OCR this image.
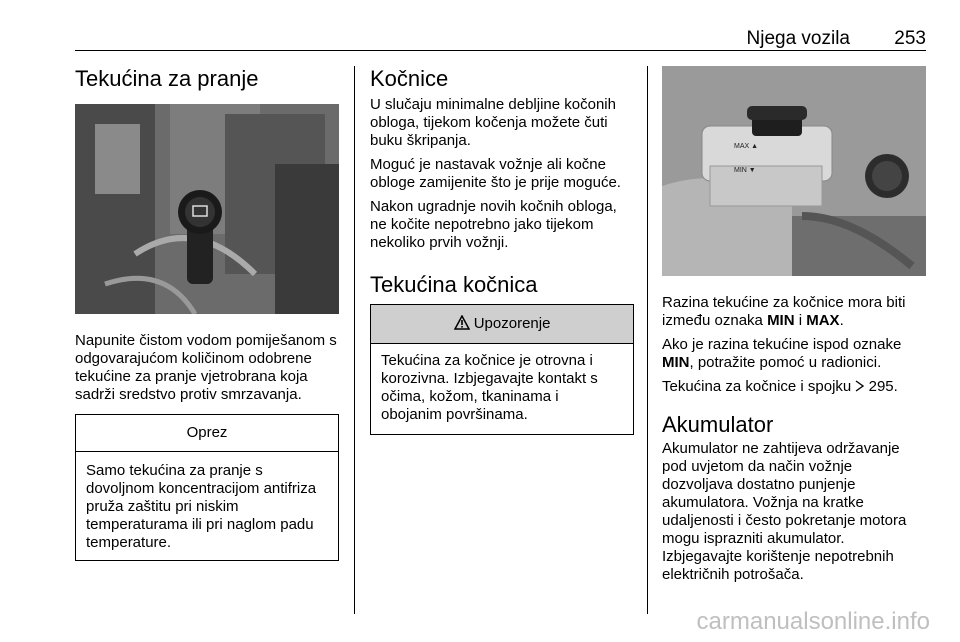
Njega vozila 253
Tekućina za pranje

Napunite čistom vodom pomiješanom s odgovarajućom količinom odobrene tekućine za pranje vjetrobrana koja sadrži sredstvo protiv smrzavanja.

Oprez
Samo tekućina za pranje s dovoljnom koncentracijom antifriza pruža zaštitu pri niskim temperaturama ili pri naglom padu temperature.
Kočnice

U slučaju minimalne debljine kočonih obloga, tijekom kočenja možete čuti buku škripanja.

Moguć je nastavak vožnje ali kočne obloge zamijenite što je prije moguće.

Nakon ugradnje novih kočnih obloga, ne kočite nepotrebno jako tijekom nekoliko prvih vožnji.

Tekućina kočnica
Upozorenje
Tekućina za kočnice je otrovna i korozivna. Izbjegavajte kontakt s očima, kožom, tkaninama i obojanim površinama.
MAX ▲
MIN ▼

Razina tekućine za kočnice mora biti između oznaka MIN i MAX.

Ako je razina tekućine ispod oznake MIN, potražite pomoć u radionici.

Tekućina za kočnice i spojku 295.

Akumulator

Akumulator ne zahtijeva održavanje pod uvjetom da način vožnje dozvoljava dostatno punjenje akumulatora. Vožnja na kratke udaljenosti i često pokretanje motora mogu isprazniti akumulator. Izbjegavajte korištenje nepotrebnih električnih potrošača.

carmanualsonline.info
